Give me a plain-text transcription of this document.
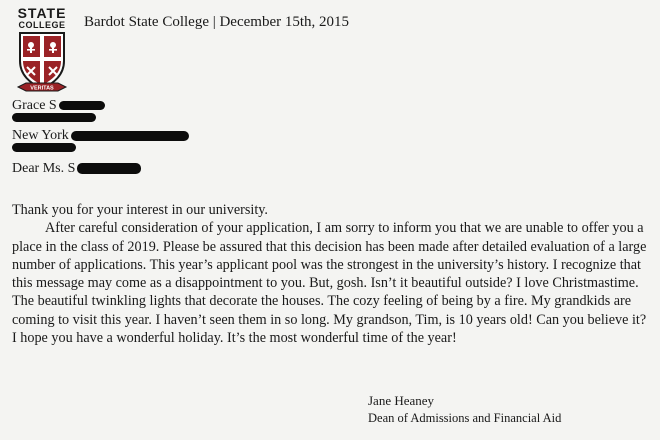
STATE
COLLEGE
VERITAS
Bardot State College | December 15th, 2015
Grace S
New York
Dear Ms. S

Thank you for your interest in our university.

After careful consideration of your application, I am sorry to inform you that we are unable to offer you a place in the class of 2019. Please be assured that this decision has been made after detailed evaluation of a large number of applications. This year’s applicant pool was the strongest in the university’s history. I recognize that this message may come as a disappointment to you. But, gosh. Isn’t it beautiful outside? I love Christmastime. The beautiful twinkling lights that decorate the houses. The cozy feeling of being by a fire. My grandkids are coming to visit this year. I haven’t seen them in so long. My grandson, Tim, is 10 years old! Can you believe it? I hope you have a wonderful holiday. It’s the most wonderful time of the year!

Jane Heaney
Dean of Admissions and Financial Aid
